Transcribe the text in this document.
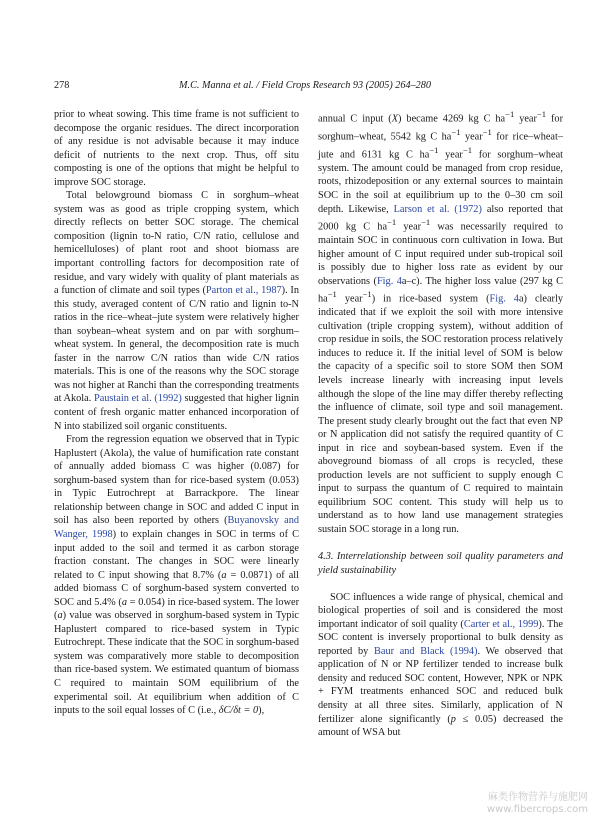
278	M.C. Manna et al. / Field Crops Research 93 (2005) 264–280

prior to wheat sowing. This time frame is not sufficient to decompose the organic residues. The direct incorporation of any residue is not advisable because it may induce deficit of nutrients to the next crop. Thus, off situ composting is one of the options that might be helpful to improve SOC storage.

Total belowground biomass C in sorghum–wheat system was as good as triple cropping system, which directly reflects on better SOC storage. The chemical composition (lignin to-N ratio, C/N ratio, cellulose and hemicelluloses) of plant root and shoot biomass are important controlling factors for decomposition rate of residue, and vary widely with quality of plant materials as a function of climate and soil types (Parton et al., 1987). In this study, averaged content of C/N ratio and lignin to-N ratios in the rice–wheat–jute system were relatively higher than soybean–wheat system and on par with sorghum–wheat system. In general, the decomposition rate is much faster in the narrow C/N ratios than wide C/N ratios materials. This is one of the reasons why the SOC storage was not higher at Ranchi than the corresponding treatments at Akola. Paustain et al. (1992) suggested that higher lignin content of fresh organic matter enhanced incorporation of N into stabilized soil organic constituents.

From the regression equation we observed that in Typic Haplustert (Akola), the value of humification rate constant of annually added biomass C was higher (0.087) for sorghum-based system than for rice-based system (0.053) in Typic Eutrochrept at Barrackpore. The linear relationship between change in SOC and added C input in soil has also been reported by others (Buyanovsky and Wanger, 1998) to explain changes in SOC in terms of C input added to the soil and termed it as carbon storage fraction constant. The changes in SOC were linearly related to C input showing that 8.7% (a = 0.0871) of all added biomass C of sorghum-based system converted to SOC and 5.4% (a = 0.054) in rice-based system. The lower (a) value was observed in sorghum-based system in Typic Haplustert compared to rice-based system in Typic Eutrochrept. These indicate that the SOC in sorghum-based system was comparatively more stable to decomposition than rice-based system. We estimated quantum of biomass C required to maintain SOM equilibrium of the experimental soil. At equilibrium when addition of C inputs to the soil equal losses of C (i.e., δC/δt = 0),

annual C input (X) became 4269 kg C $ha^{-1}$ year$^{-1}$ for sorghum–wheat, 5542 kg C $ha^{-1}$ year$^{-1}$ for rice–wheat–jute and 6131 kg C $ha^{-1}$ year$^{-1}$ for sorghum–wheat system. The amount could be managed from crop residue, roots, rhizodeposition or any external sources to maintain SOC in the soil at equilibrium up to the 0–30 cm soil depth. Likewise, Larson et al. (1972) also reported that 2000 kg C $ha^{-1}$ year$^{-1}$ was necessarily required to maintain SOC in continuous corn cultivation in Iowa. But higher amount of C input required under sub-tropical soil is possibly due to higher loss rate as evident by our observations (Fig. 4a–c). The higher loss value (297 kg C $ha^{-1}$ year$^{-1}$) in rice-based system (Fig. 4a) clearly indicated that if we exploit the soil with more intensive cultivation (triple cropping system), without addition of crop residue in soils, the SOC restoration process relatively induces to reduce it. If the initial level of SOM is below the capacity of a specific soil to store SOM then SOM levels increase linearly with increasing input levels although the slope of the line may differ thereby reflecting the influence of climate, soil type and soil management. The present study clearly brought out the fact that even NP or N application did not satisfy the required quantity of C input in rice and soybean-based system. Even if the aboveground biomass of all crops is recycled, these production levels are not sufficient to supply enough C input to surpass the quantum of C required to maintain equilibrium SOC content. This study will help us to understand as to how land use management strategies sustain SOC storage in a long run.

4.3. Interrelationship between soil quality parameters and yield sustainability

SOC influences a wide range of physical, chemical and biological properties of soil and is considered the most important indicator of soil quality (Carter et al., 1999). The SOC content is inversely proportional to bulk density as reported by Baur and Black (1994). We observed that application of N or NP fertilizer tended to increase bulk density and reduced SOC content, However, NPK or NPK + FYM treatments enhanced SOC and reduced bulk density at all three sites. Similarly, application of N fertilizer alone significantly (p ≤ 0.05) decreased the amount of WSA but

麻类作物营养与施肥网
www.fibercrops.com
